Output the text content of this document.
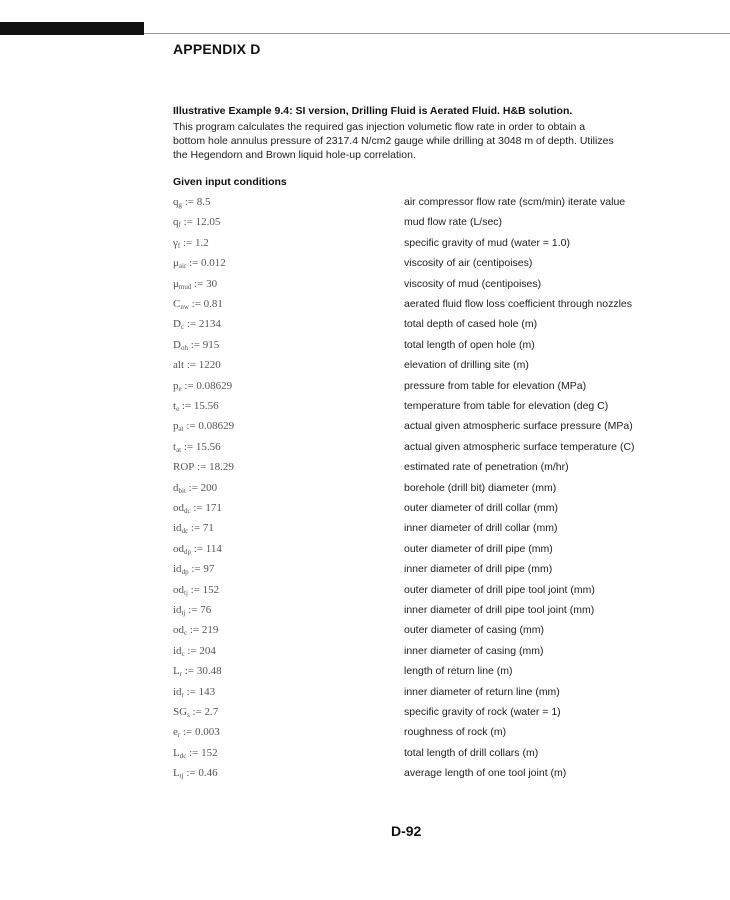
APPENDIX D
Illustrative Example 9.4: SI version, Drilling Fluid is Aerated Fluid. H&B solution.
This program calculates the required gas injection volumetic flow rate in order to obtain a
bottom hole annulus pressure of 2317.4 N/cm2 gauge while drilling at 3048 m of depth. Utilizes
the Hegendorn and Brown liquid hole-up correlation.
Given input conditions
$q_g$ := 8.5	air compressor flow rate (scm/min) iterate value
$q_f$ := 12.05	mud flow rate (L/sec)
$\gamma_f$ := 1.2	specific gravity of mud (water = 1.0)
$\mu_{air}$ := 0.012	viscosity of air (centipoises)
$\mu_{mud}$ := 30	viscosity of mud (centipoises)
$C_{nw}$ := 0.81	aerated fluid flow loss coefficient through nozzles
$D_c$ := 2134	total depth of cased hole (m)
$D_{oh}$ := 915	total length of open hole (m)
alt := 1220	elevation of drilling site (m)
$p_e$ := 0.08629	pressure from table for elevation (MPa)
$t_e$ := 15.56	temperature from table for elevation (deg C)
$p_{at}$ := 0.08629	actual given atmospheric surface pressure (MPa)
$t_{at}$ := 15.56	actual given atmospheric surface temperature (C)
ROP := 18.29	estimated rate of penetration (m/hr)
$d_{bit}$ := 200	borehole (drill bit) diameter (mm)
$od_{dc}$ := 171	outer diameter of drill collar (mm)
$id_{dc}$ := 71	inner diameter of drill collar (mm)
$od_{dp}$ := 114	outer diameter of drill pipe (mm)
$id_{dp}$ := 97	inner diameter of drill pipe (mm)
$od_{tj}$ := 152	outer diameter of drill pipe tool joint (mm)
$id_{tj}$ := 76	inner diameter of drill pipe tool joint (mm)
$od_c$ := 219	outer diameter of casing (mm)
$id_c$ := 204	inner diameter of casing (mm)
$L_r$ := 30.48	length of return line (m)
$id_r$ := 143	inner diameter of return line (mm)
$SG_s$ := 2.7	specific gravity of rock (water = 1)
$e_r$ := 0.003	roughness of rock (m)
$L_{dc}$ := 152	total length of drill collars (m)
$L_{tj}$ := 0.46	average length of one tool joint (m)
D-92
